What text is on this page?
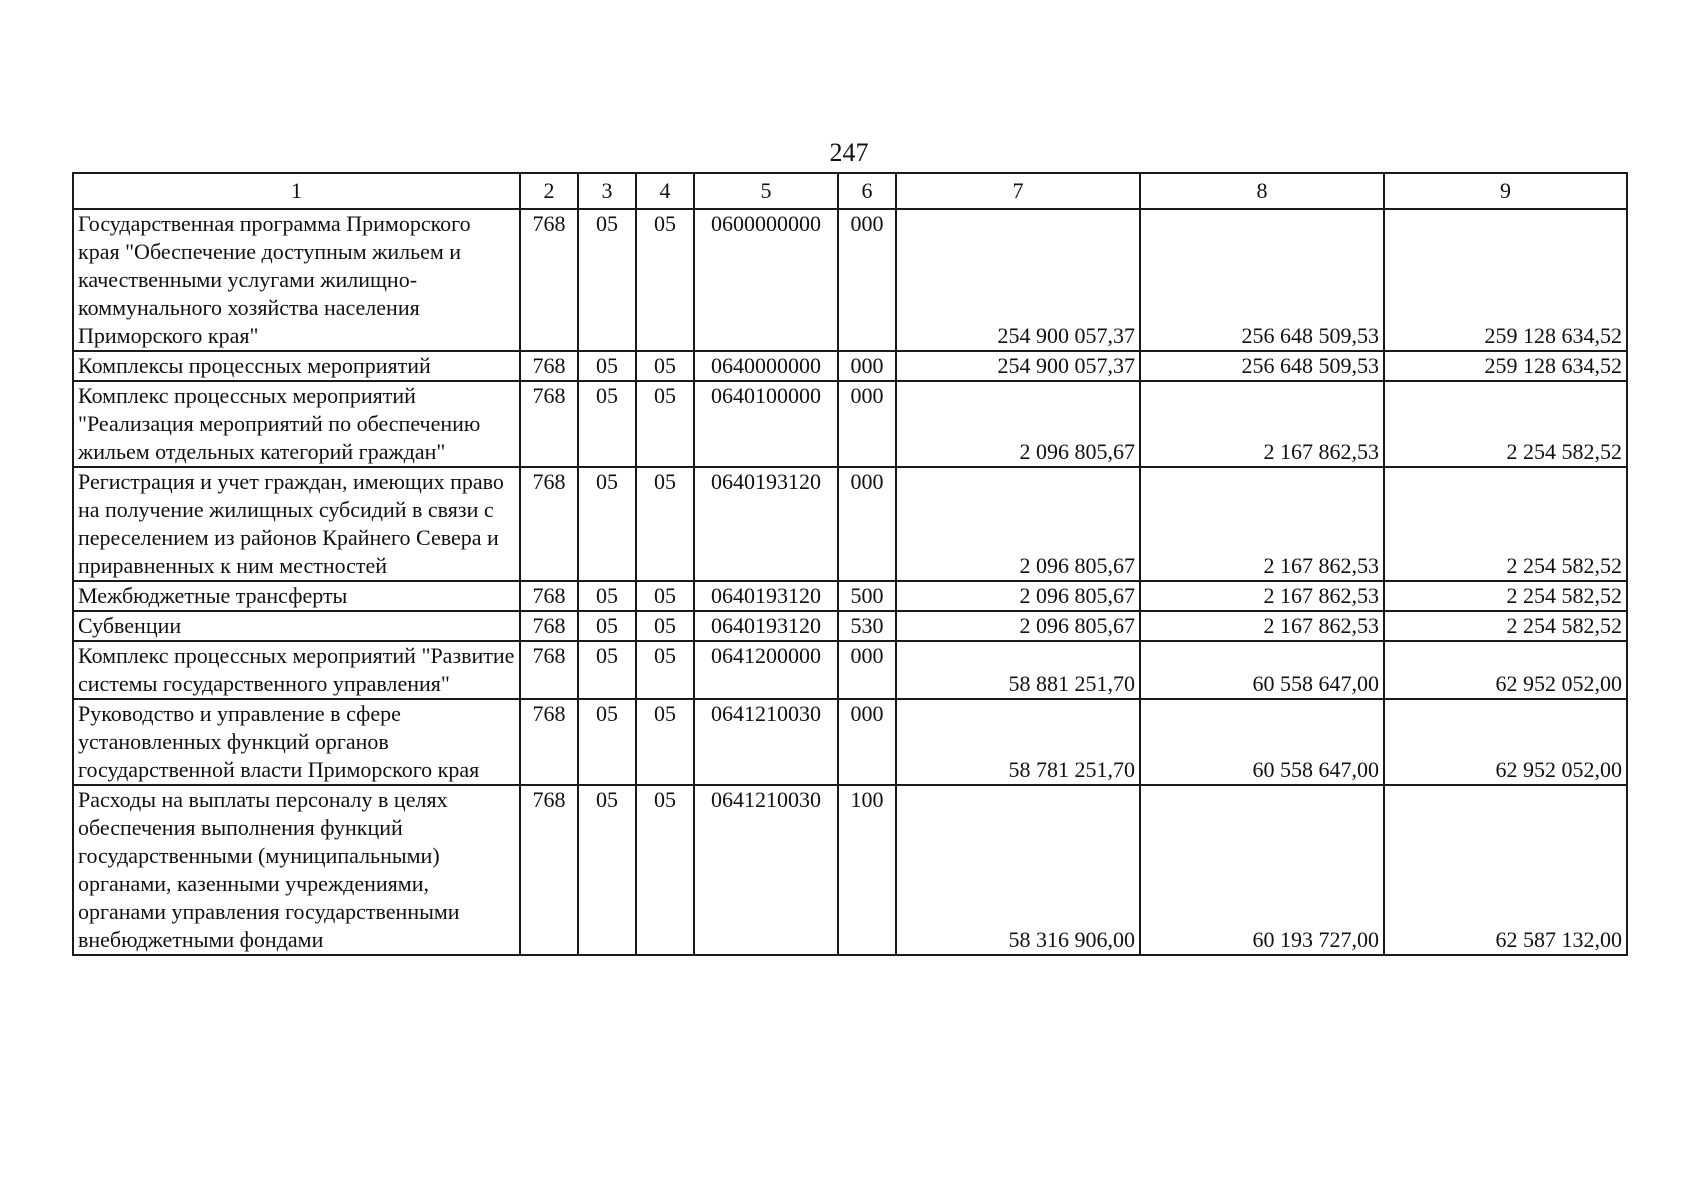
247
1	2	3	4	5	6	7	8	9
Государственная программа Приморского края "Обеспечение доступным жильем и качественными услугами жилищно-коммунального хозяйства населения Приморского края"	768	05	05	0600000000	000	254 900 057,37	256 648 509,53	259 128 634,52
Комплексы процессных мероприятий	768	05	05	0640000000	000	254 900 057,37	256 648 509,53	259 128 634,52
Комплекс процессных мероприятий "Реализация мероприятий по обеспечению жильем отдельных категорий граждан"	768	05	05	0640100000	000	2 096 805,67	2 167 862,53	2 254 582,52
Регистрация и учет граждан, имеющих право на получение жилищных субсидий в связи с переселением из районов Крайнего Севера и приравненных к ним местностей	768	05	05	0640193120	000	2 096 805,67	2 167 862,53	2 254 582,52
Межбюджетные трансферты	768	05	05	0640193120	500	2 096 805,67	2 167 862,53	2 254 582,52
Субвенции	768	05	05	0640193120	530	2 096 805,67	2 167 862,53	2 254 582,52
Комплекс процессных мероприятий "Развитие системы государственного управления"	768	05	05	0641200000	000	58 881 251,70	60 558 647,00	62 952 052,00
Руководство и управление в сфере установленных функций органов государственной власти Приморского края	768	05	05	0641210030	000	58 781 251,70	60 558 647,00	62 952 052,00
Расходы на выплаты персоналу в целях обеспечения выполнения функций государственными (муниципальными) органами, казенными учреждениями, органами управления государственными внебюджетными фондами	768	05	05	0641210030	100	58 316 906,00	60 193 727,00	62 587 132,00
